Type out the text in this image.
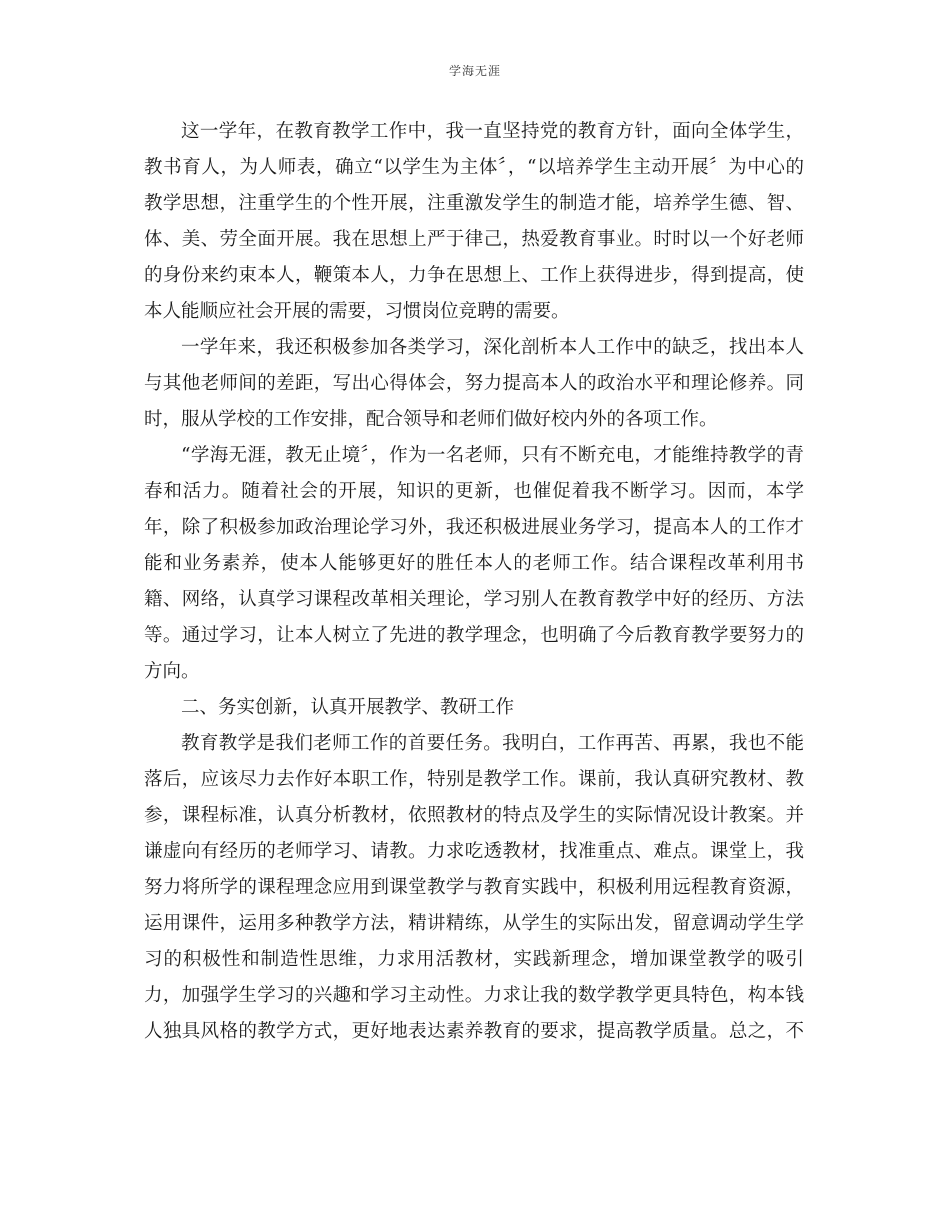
学海无涯
这一学年，在教育教学工作中，我一直坚持党的教育方针，面向全体学生，
教书育人，为人师表，确立“以学生为主体〞，“以培养学生主动开展〞为中心的
教学思想，注重学生的个性开展，注重激发学生的制造才能，培养学生德、智、
体、美、劳全面开展。我在思想上严于律己，热爱教育事业。时时以一个好老师
的身份来约束本人，鞭策本人，力争在思想上、工作上获得进步，得到提高，使
本人能顺应社会开展的需要，习惯岗位竞聘的需要。
一学年来，我还积极参加各类学习，深化剖析本人工作中的缺乏，找出本人
与其他老师间的差距，写出心得体会，努力提高本人的政治水平和理论修养。同
时，服从学校的工作安排，配合领导和老师们做好校内外的各项工作。
“学海无涯，教无止境〞，作为一名老师，只有不断充电，才能维持教学的青
春和活力。随着社会的开展，知识的更新，也催促着我不断学习。因而，本学
年，除了积极参加政治理论学习外，我还积极进展业务学习，提高本人的工作才
能和业务素养，使本人能够更好的胜任本人的老师工作。结合课程改革利用书
籍、网络，认真学习课程改革相关理论，学习别人在教育教学中好的经历、方法
等。通过学习，让本人树立了先进的教学理念，也明确了今后教育教学要努力的
方向。
二、务实创新，认真开展教学、教研工作
教育教学是我们老师工作的首要任务。我明白，工作再苦、再累，我也不能
落后，应该尽力去作好本职工作，特别是教学工作。课前，我认真研究教材、教
参，课程标准，认真分析教材，依照教材的特点及学生的实际情况设计教案。并
谦虚向有经历的老师学习、请教。力求吃透教材，找准重点、难点。课堂上，我
努力将所学的课程理念应用到课堂教学与教育实践中，积极利用远程教育资源，
运用课件，运用多种教学方法，精讲精练，从学生的实际出发，留意调动学生学
习的积极性和制造性思维，力求用活教材，实践新理念，增加课堂教学的吸引
力，加强学生学习的兴趣和学习主动性。力求让我的数学教学更具特色，构本钱
人独具风格的教学方式，更好地表达素养教育的要求，提高教学质量。总之，不
